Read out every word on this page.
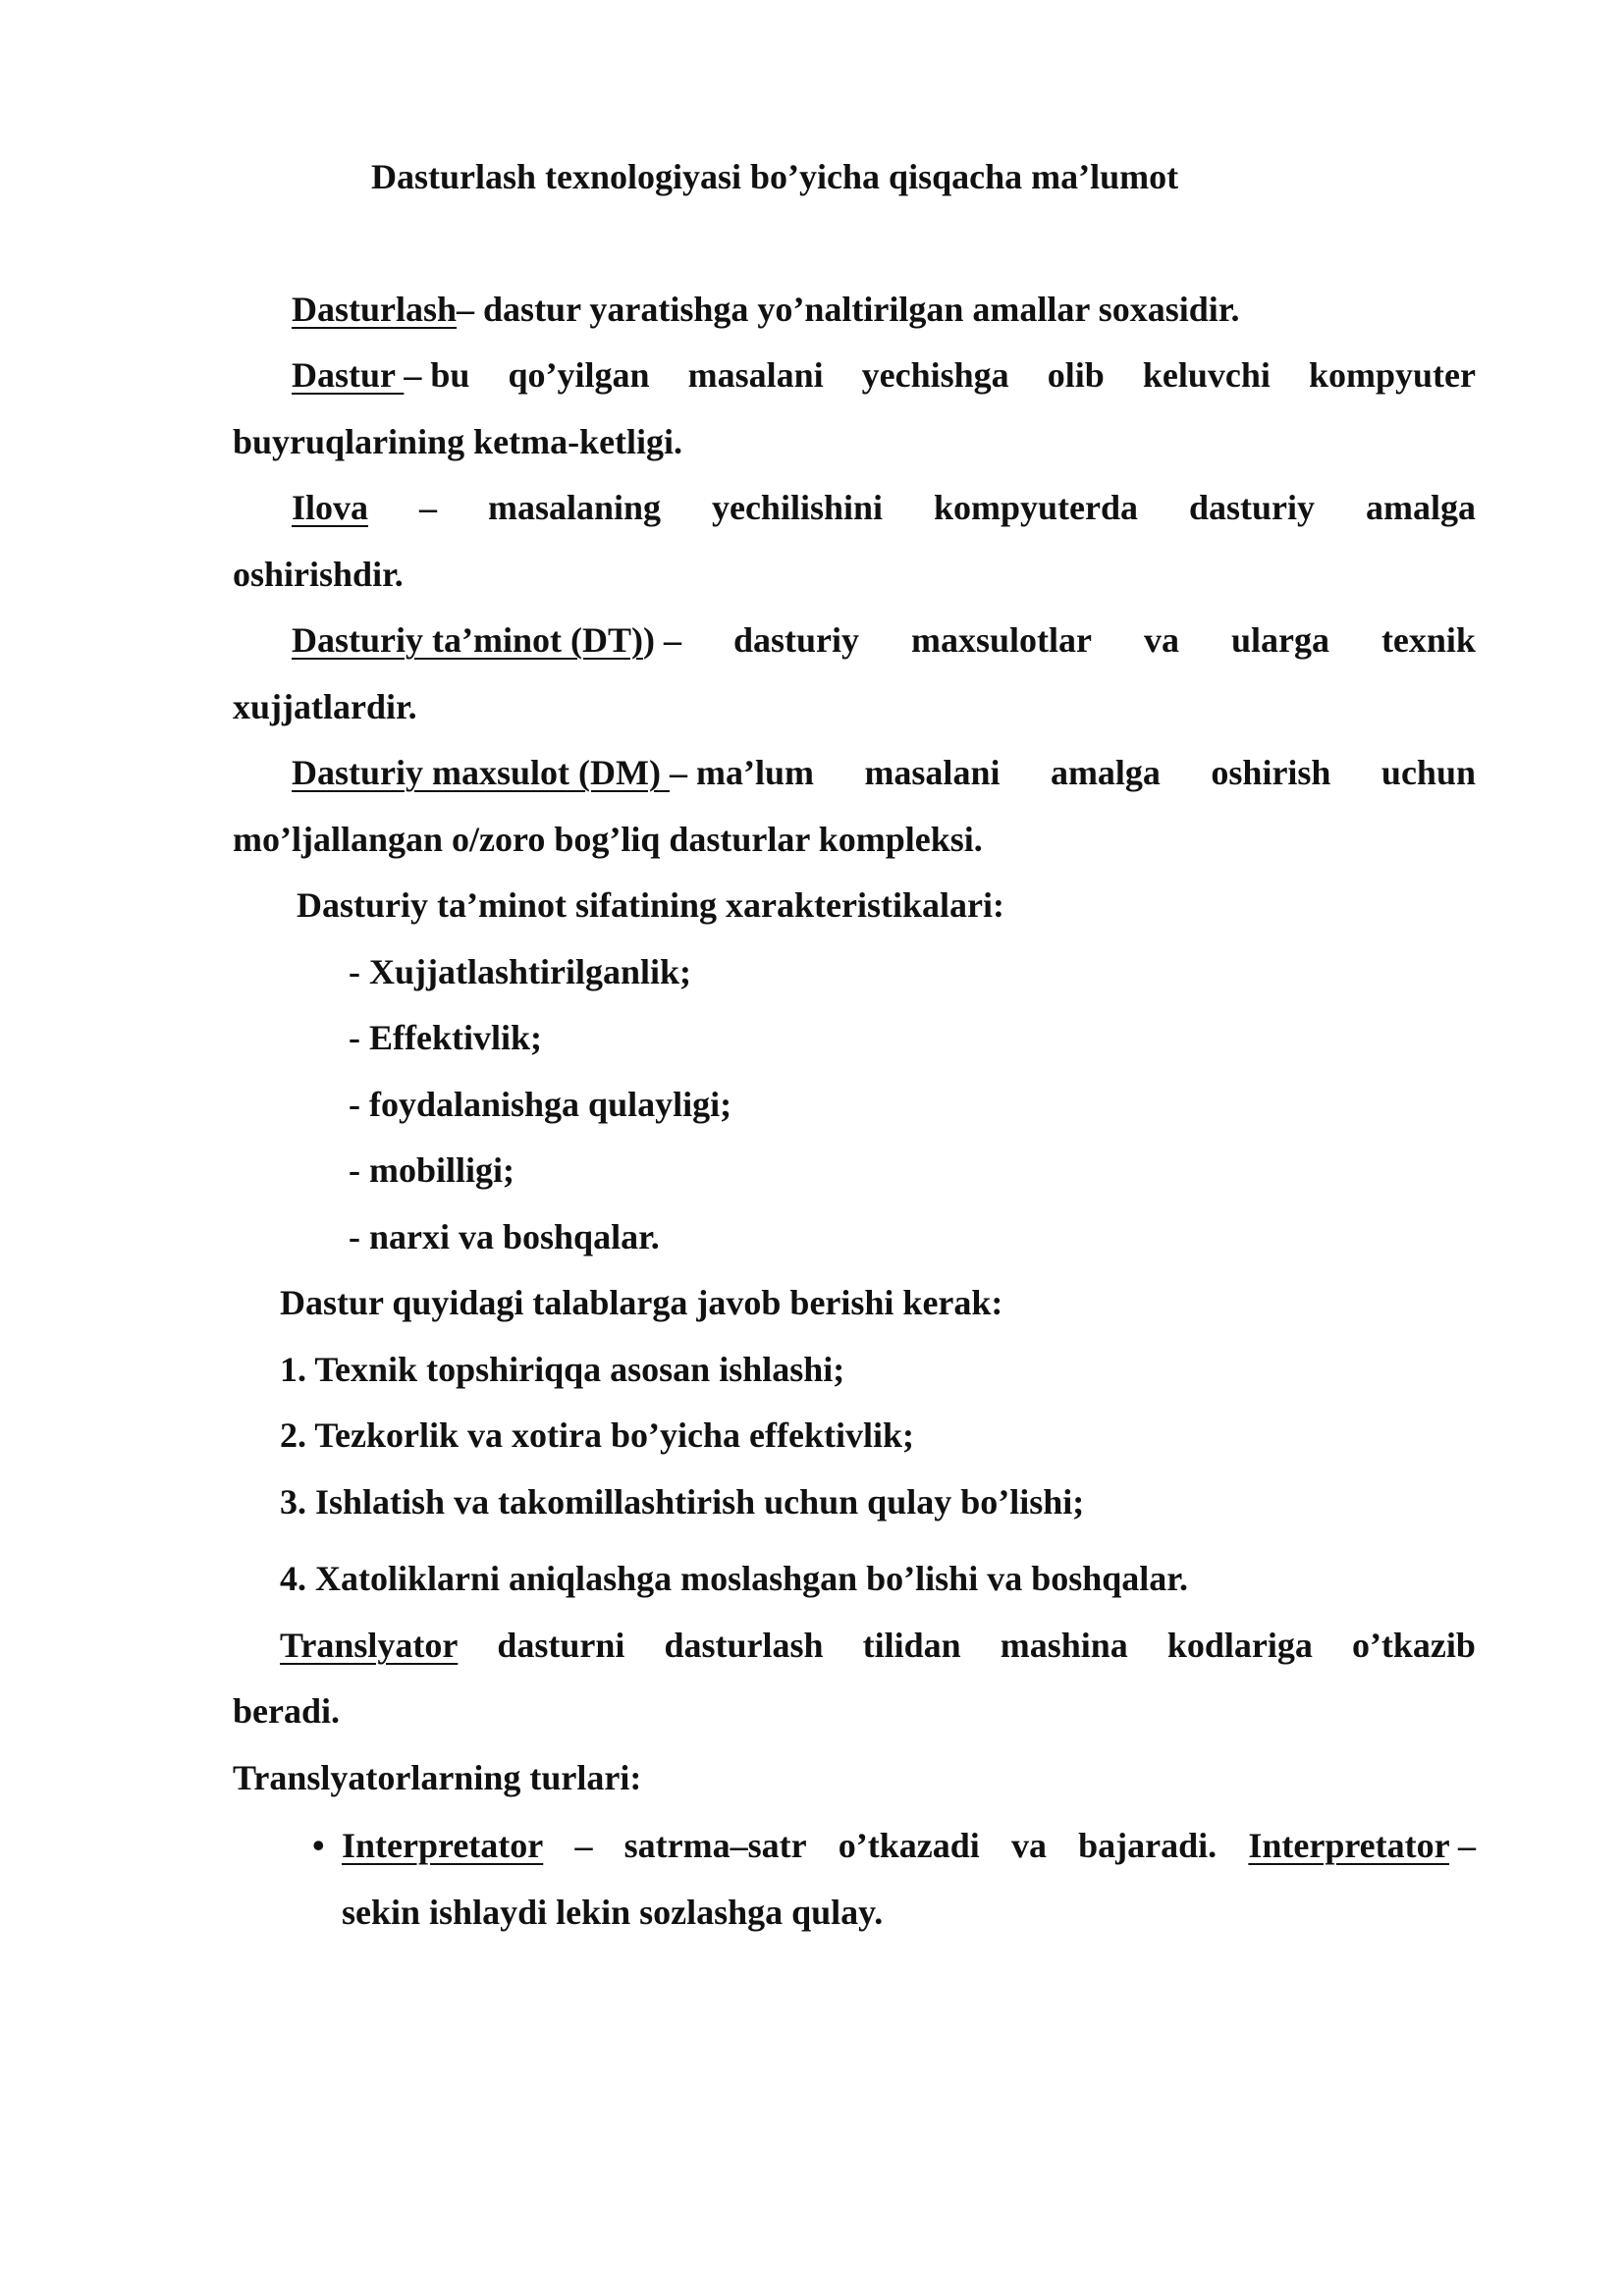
Dasturlash texnologiyasi bo’yicha qisqacha ma’lumot
Dasturlash– dastur yaratishga yo’naltirilgan amallar soxasidir.
Dastur – bu qo’yilgan masalani yechishga olib keluvchi kompyuter
buyruqlarining ketma-ketligi.
Ilova – masalaning yechilishini kompyuterda dasturiy amalga
oshirishdir.
Dasturiy ta’minot (DT)) – dasturiy maxsulotlar va ularga texnik
xujjatlardir.
Dasturiy maxsulot (DM) – ma’lum masalani amalga oshirish uchun
mo’ljallangan o/zoro bog’liq dasturlar kompleksi.
Dasturiy ta’minot sifatining xarakteristikalari:
- Xujjatlashtirilganlik;
- Effektivlik;
- foydalanishga qulayligi;
- mobilligi;
- narxi va boshqalar.
Dastur quyidagi talablarga javob berishi kerak:
1. Texnik topshiriqqa asosan ishlashi;
2. Tezkorlik va xotira bo’yicha effektivlik;
3. Ishlatish va takomillashtirish uchun qulay bo’lishi;
4. Xatoliklarni aniqlashga moslashgan bo’lishi va boshqalar.
Translyator dasturni dasturlash tilidan mashina kodlariga o’tkazib
beradi.
Translyatorlarning turlari:
• Interpretator – satrma–satr o’tkazadi va bajaradi. Interpretator –
sekin ishlaydi lekin sozlashga qulay.
